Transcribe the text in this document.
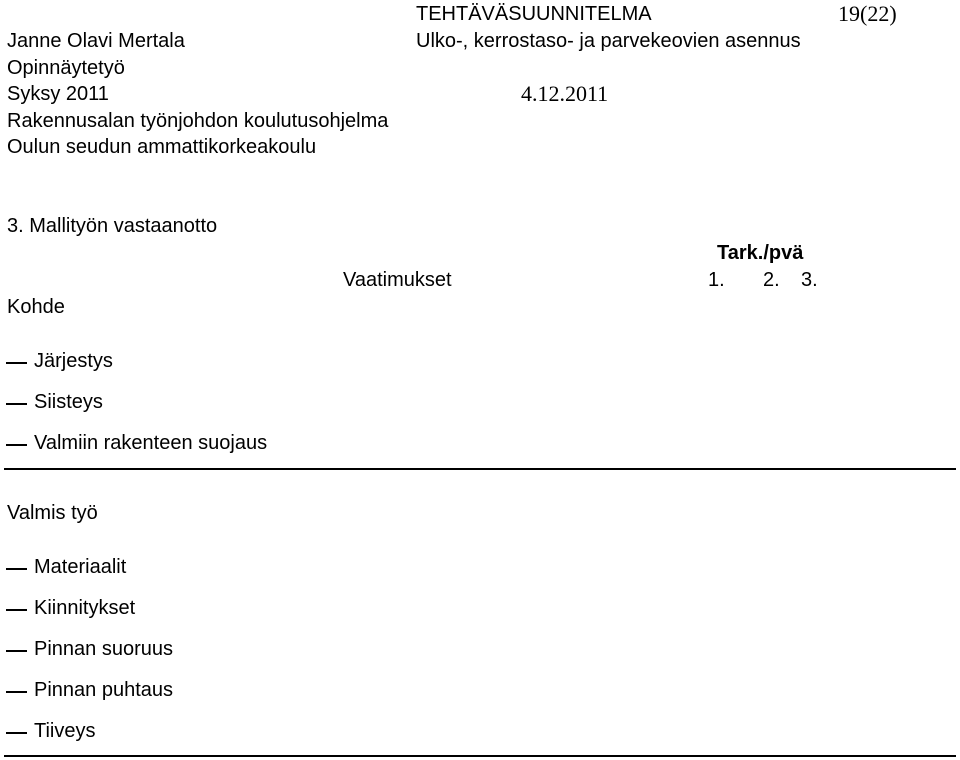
TEHTÄVÄSUUNNITELMA	19(22)
Janne Olavi Mertala	Ulko-, kerrostaso- ja parvekeovien asennus
Opinnäytetyö
Syksy 2011	4.12.2011
Rakennusalan työnjohdon koulutusohjelma
Oulun seudun ammattikorkeakoulu
3. Mallityön vastaanotto
Tark./pvä
Vaatimukset	1. 2. 3.
Kohde
Järjestys
Siisteys
Valmiin rakenteen suojaus
Valmis työ
Materiaalit
Kiinnitykset
Pinnan suoruus
Pinnan puhtaus
Tiiveys
